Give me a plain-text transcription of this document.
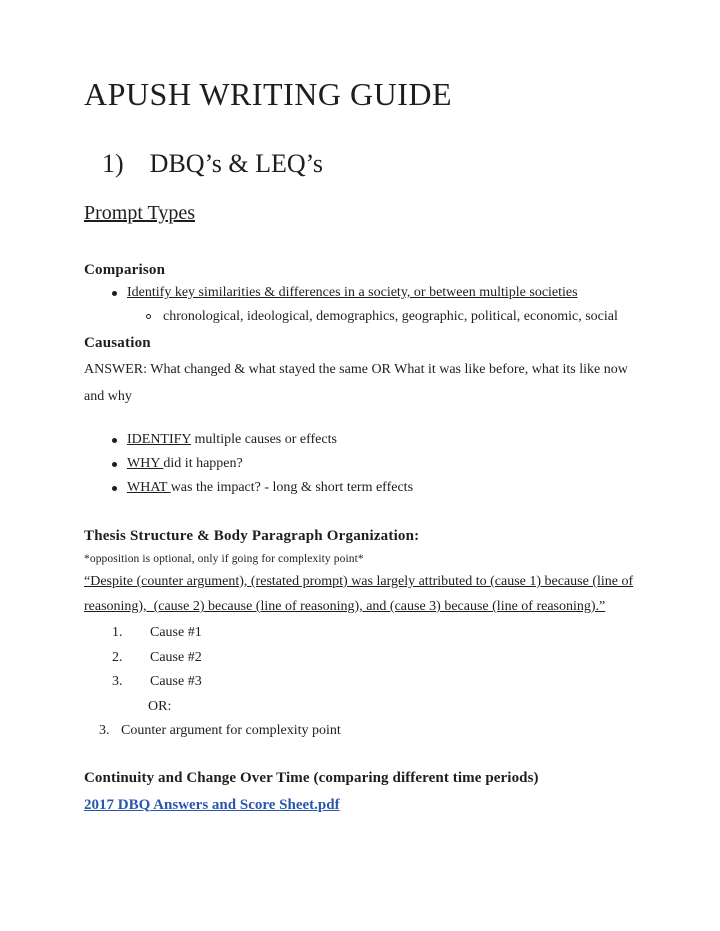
APUSH WRITING GUIDE
1) DBQ’s & LEQ’s
Prompt Types
Comparison
Identify key similarities & differences in a society, or between multiple societies
chronological, ideological, demographics, geographic, political, economic, social
Causation
ANSWER: What changed & what stayed the same OR What it was like before, what its like now
and why
IDENTIFY multiple causes or effects
WHY did it happen?
WHAT was the impact? - long & short term effects
Thesis Structure & Body Paragraph Organization:
*opposition is optional, only if going for complexity point*
“Despite (counter argument), (restated prompt) was largely attributed to (cause 1) because (line of
reasoning),  (cause 2) because (line of reasoning), and (cause 3) because (line of reasoning).”
1.	Cause #1
2.	Cause #2
3.	Cause #3
OR:
3. Counter argument for complexity point
Continuity and Change Over Time (comparing different time periods)
2017 DBQ Answers and Score Sheet.pdf
